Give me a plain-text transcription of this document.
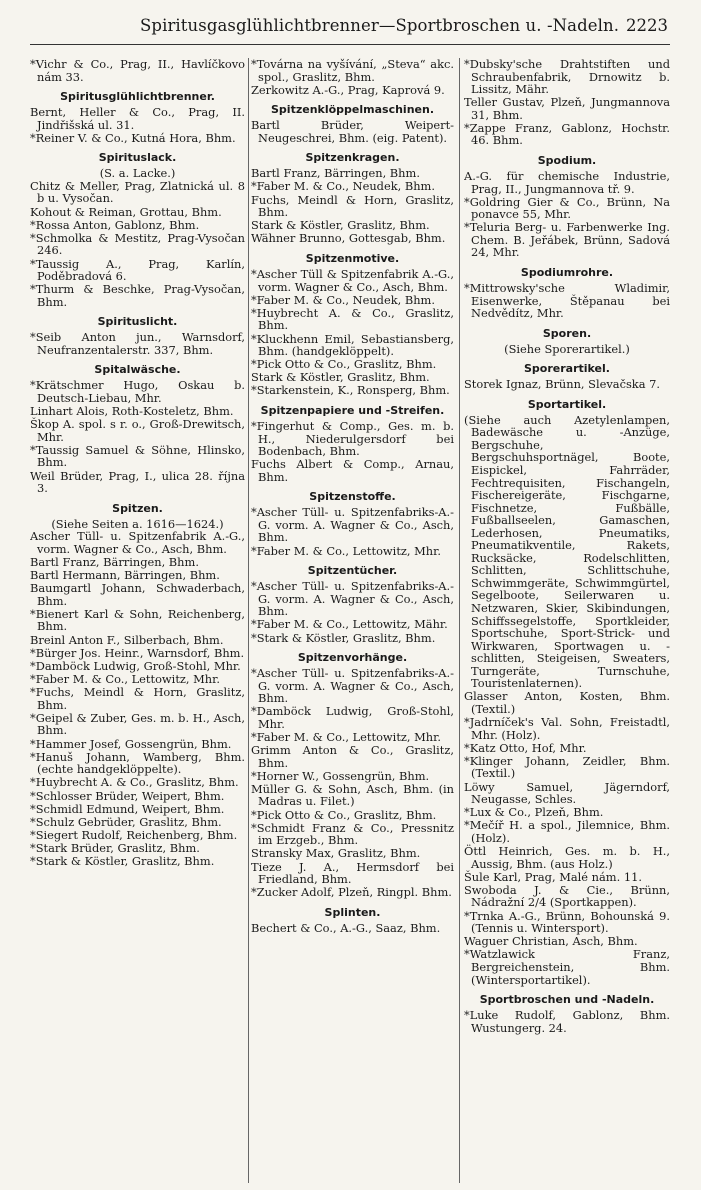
Spiritusgasglühlichtbrenner—Sportbroschen u. -Nadeln. 2223
*Vichr & Co., Prag, II., Havlíčkovo nám 33.
Spiritusglühlichtbrenner.
Bernt, Heller & Co., Prag, II. Jindřišská ul. 31.
*Reiner V. & Co., Kutná Hora, Bhm.
Spirituslack.
(S. a. Lacke.)
Chitz & Meller, Prag, Zlatnická ul. 8 b u. Vysočan.
Kohout & Reiman, Grottau, Bhm.
*Rossa Anton, Gablonz, Bhm.
*Schmolka & Mestitz, Prag-Vysočan 246.
*Taussig A., Prag, Karlín, Poděbradová 6.
*Thurm & Beschke, Prag-Vysočan, Bhm.
Spirituslicht.
*Seib Anton jun., Warnsdorf, Neufranzentalerstr. 337, Bhm.
Spitalwäsche.
*Krätschmer Hugo, Oskau b. Deutsch-Liebau, Mhr.
Linhart Alois, Roth-Kosteletz, Bhm.
Škop A. spol. s r. o., Groß-Drewitsch, Mhr.
*Taussig Samuel & Söhne, Hlinsko, Bhm.
Weil Brüder, Prag, I., ulica 28. října 3.
Spitzen.
(Siehe Seiten a. 1616—1624.)
Ascher Tüll- u. Spitzenfabrik A.-G., vorm. Wagner & Co., Asch, Bhm.
Bartl Franz, Bärringen, Bhm.
Bartl Hermann, Bärringen, Bhm.
Baumgartl Johann, Schwaderbach, Bhm.
*Bienert Karl & Sohn, Reichenberg, Bhm.
Breinl Anton F., Silberbach, Bhm.
*Bürger Jos. Heinr., Warnsdorf, Bhm.
*Damböck Ludwig, Groß-Stohl, Mhr.
*Faber M. & Co., Lettowitz, Mhr.
*Fuchs, Meindl & Horn, Graslitz, Bhm.
*Geipel & Zuber, Ges. m. b. H., Asch, Bhm.
*Hammer Josef, Gossengrün, Bhm.
*Hanuš Johann, Wamberg, Bhm. (echte handgeklöppelte).
*Huybrecht A. & Co., Graslitz, Bhm.
*Schlosser Brüder, Weipert, Bhm.
*Schmidl Edmund, Weipert, Bhm.
*Schulz Gebrüder, Graslitz, Bhm.
*Siegert Rudolf, Reichenberg, Bhm.
*Stark Brüder, Graslitz, Bhm.
*Stark & Köstler, Graslitz, Bhm.
*Továrna na vyšívání, „Steva“ akc. spol., Graslitz, Bhm.
Zerkowitz A.-G., Prag, Kaprová 9.
Spitzenklöppelmaschinen.
Bartl Brüder, Weipert-Neugeschrei, Bhm. (eig. Patent).
Spitzenkragen.
Bartl Franz, Bärringen, Bhm.
*Faber M. & Co., Neudek, Bhm.
Fuchs, Meindl & Horn, Graslitz, Bhm.
Stark & Köstler, Graslitz, Bhm.
Wähner Brunno, Gottesgab, Bhm.
Spitzenmotive.
*Ascher Tüll & Spitzenfabrik A.-G., vorm. Wagner & Co., Asch, Bhm.
*Faber M. & Co., Neudek, Bhm.
*Huybrecht A. & Co., Graslitz, Bhm.
*Kluckhenn Emil, Sebastiansberg, Bhm. (handgeklöppelt).
*Pick Otto & Co., Graslitz, Bhm.
Stark & Köstler, Graslitz, Bhm.
*Starkenstein, K., Ronsperg, Bhm.
Spitzenpapiere und -Streifen.
*Fingerhut & Comp., Ges. m. b. H., Niederulgersdorf bei Bodenbach, Bhm.
Fuchs Albert & Comp., Arnau, Bhm.
Spitzenstoffe.
*Ascher Tüll- u. Spitzenfabriks-A.-G. vorm. A. Wagner & Co., Asch, Bhm.
*Faber M. & Co., Lettowitz, Mhr.
Spitzentücher.
*Ascher Tüll- u. Spitzenfabriks-A.-G. vorm. A. Wagner & Co., Asch, Bhm.
*Faber M. & Co., Lettowitz, Mähr.
*Stark & Köstler, Graslitz, Bhm.
Spitzenvorhänge.
*Ascher Tüll- u. Spitzenfabriks-A.-G. vorm. A. Wagner & Co., Asch, Bhm.
*Damböck Ludwig, Groß-Stohl, Mhr.
*Faber M. & Co., Lettowitz, Mhr.
Grimm Anton & Co., Graslitz, Bhm.
*Horner W., Gossengrün, Bhm.
Müller G. & Sohn, Asch, Bhm. (in Madras u. Filet.)
*Pick Otto & Co., Graslitz, Bhm.
*Schmidt Franz & Co., Pressnitz im Erzgeb., Bhm.
Stransky Max, Graslitz, Bhm.
Tieze J. A., Hermsdorf bei Friedland, Bhm.
*Zucker Adolf, Plzeň, Ringpl. Bhm.
Splinten.
Bechert & Co., A.-G., Saaz, Bhm.
*Dubsky'sche Drahtstiften und Schraubenfabrik, Drnowitz b. Lissitz, Mähr.
Teller Gustav, Plzeň, Jungmannova 31, Bhm.
*Zappe Franz, Gablonz, Hochstr. 46. Bhm.
Spodium.
A.-G. für chemische Industrie, Prag, II., Jungmannova tř. 9.
*Goldring Gier & Co., Brünn, Na ponavce 55, Mhr.
*Teluria Berg- u. Farbenwerke Ing. Chem. B. Jeřábek, Brünn, Sadová 24, Mhr.
Spodiumrohre.
*Mittrowsky'sche Wladimir, Eisenwerke, Štěpanau bei Nedvědítz, Mhr.
Sporen.
(Siehe Sporerartikel.)
Sporerartikel.
Storek Ignaz, Brünn, Slevačska 7.
Sportartikel.
(Siehe auch Azetylenlampen, Badewäsche u. -Anzüge, Bergschuhe, Bergschuhsportnägel, Boote, Eispickel, Fahrräder, Fechtrequisiten, Fischangeln, Fischereigeräte, Fischgarne, Fischnetze, Fußbälle, Fußballseelen, Gamaschen, Lederhosen, Pneumatiks, Pneumatikventile, Rakets, Rucksäcke, Rodelschlitten, Schlitten, Schlittschuhe, Schwimmgeräte, Schwimmgürtel, Segelboote, Seilerwaren u. Netzwaren, Skier, Skibindungen, Schiffssegelstoffe, Sportkleider, Sportschuhe, Sport-Strick- und Wirkwaren, Sportwagen u. -schlitten, Steigeisen, Sweaters, Turngeräte, Turnschuhe, Touristenlaternen).
Glasser Anton, Kosten, Bhm. (Textil.)
*Jadrníček's Val. Sohn, Freistadtl, Mhr. (Holz).
*Katz Otto, Hof, Mhr.
*Klinger Johann, Zeidler, Bhm. (Textil.)
Löwy Samuel, Jägerndorf, Neugasse, Schles.
*Lux & Co., Plzeň, Bhm.
*Mečíř H. a spol., Jilemnice, Bhm. (Holz).
Öttl Heinrich, Ges. m. b. H., Aussig, Bhm. (aus Holz.)
Šule Karl, Prag, Malé nám. 11.
Swoboda J. & Cie., Brünn, Nádražní 2/4 (Sportkappen).
*Trnka A.-G., Brünn, Bohounská 9. (Tennis u. Wintersport).
Waguer Christian, Asch, Bhm.
*Watzlawick Franz, Bergreichenstein, Bhm. (Wintersportartikel).
Sportbroschen und -Nadeln.
*Luke Rudolf, Gablonz, Bhm. Wustungerg. 24.
